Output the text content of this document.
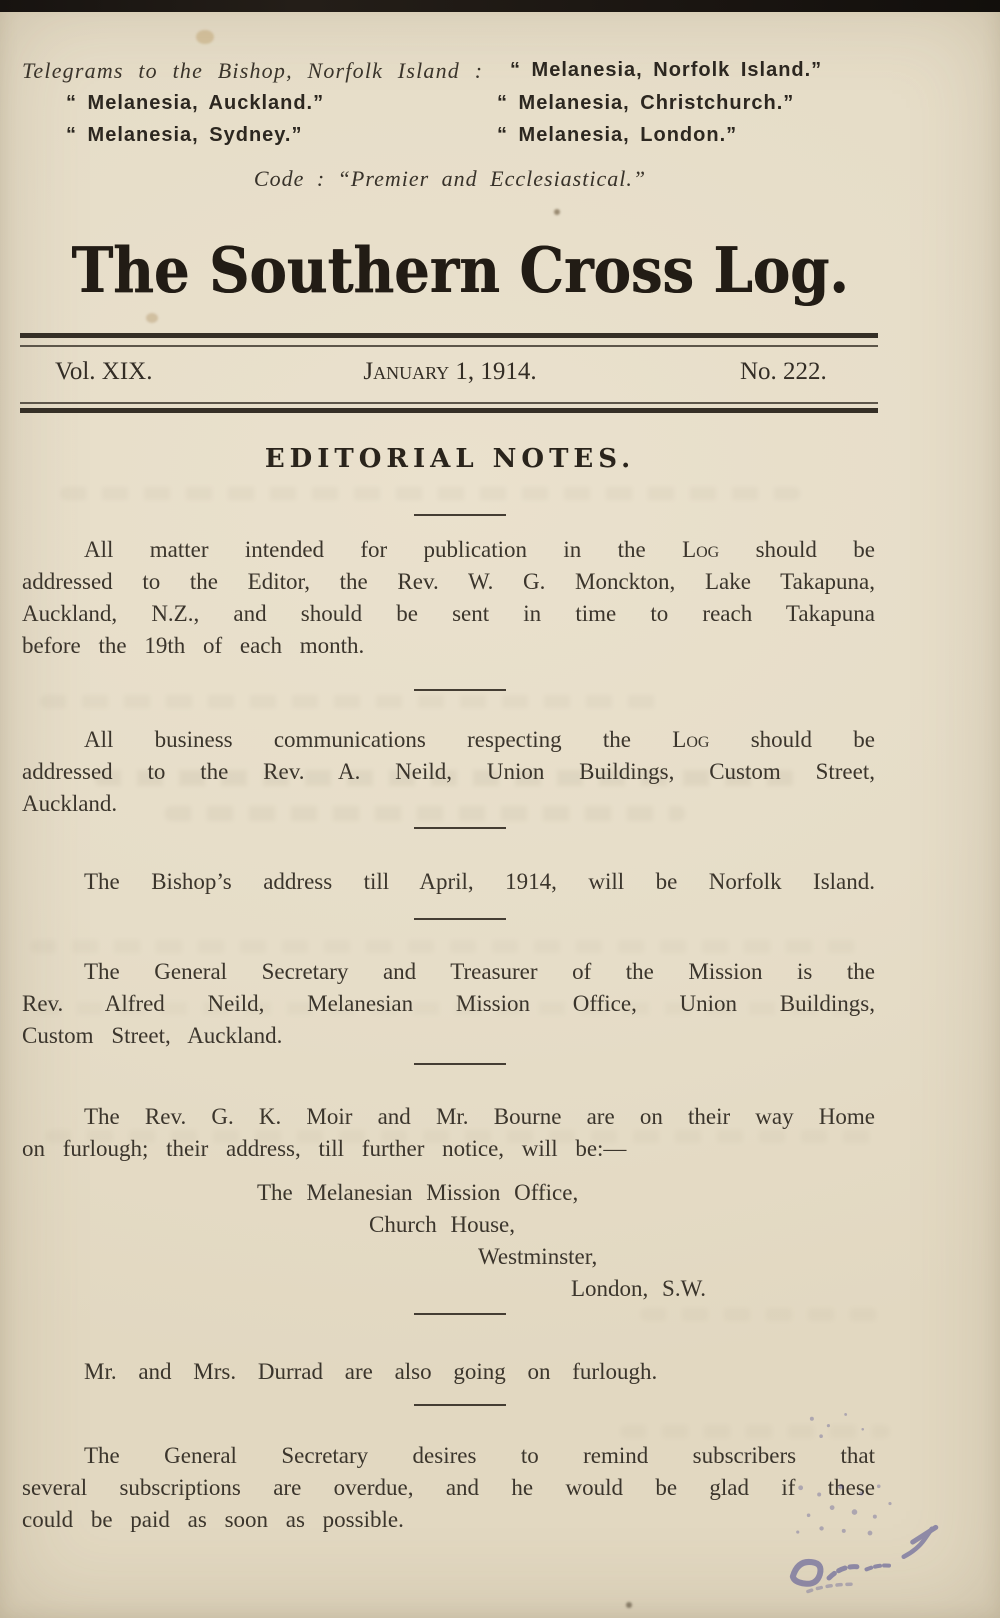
Telegrams to the Bishop, Norfolk Island : “ Melanesia, Norfolk Island.”
“ Melanesia, Auckland.”	“ Melanesia, Christchurch.”
“ Melanesia, Sydney.”	“ Melanesia, London.”
Code : “Premier and Ecclesiastical.”
The Southern Cross Log.
Vol. XIX.	January 1, 1914.	No. 222.
EDITORIAL NOTES.
All matter intended for publication in the Log should be
addressed to the Editor, the Rev. W. G. Monckton, Lake Takapuna,
Auckland, N.Z., and should be sent in time to reach Takapuna
before the 19th of each month.
All business communications respecting the Log should be
addressed to the Rev. A. Neild, Union Buildings, Custom Street,
Auckland.
The Bishop’s address till April, 1914, will be Norfolk Island.
The General Secretary and Treasurer of the Mission is the
Rev. Alfred Neild, Melanesian Mission Office, Union Buildings,
Custom Street, Auckland.
The Rev. G. K. Moir and Mr. Bourne are on their way Home
on furlough; their address, till further notice, will be:—
The Melanesian Mission Office,
Church House,
Westminster,
London, S.W.
Mr. and Mrs. Durrad are also going on furlough.
The General Secretary desires to remind subscribers that
several subscriptions are overdue, and he would be glad if these
could be paid as soon as possible.
